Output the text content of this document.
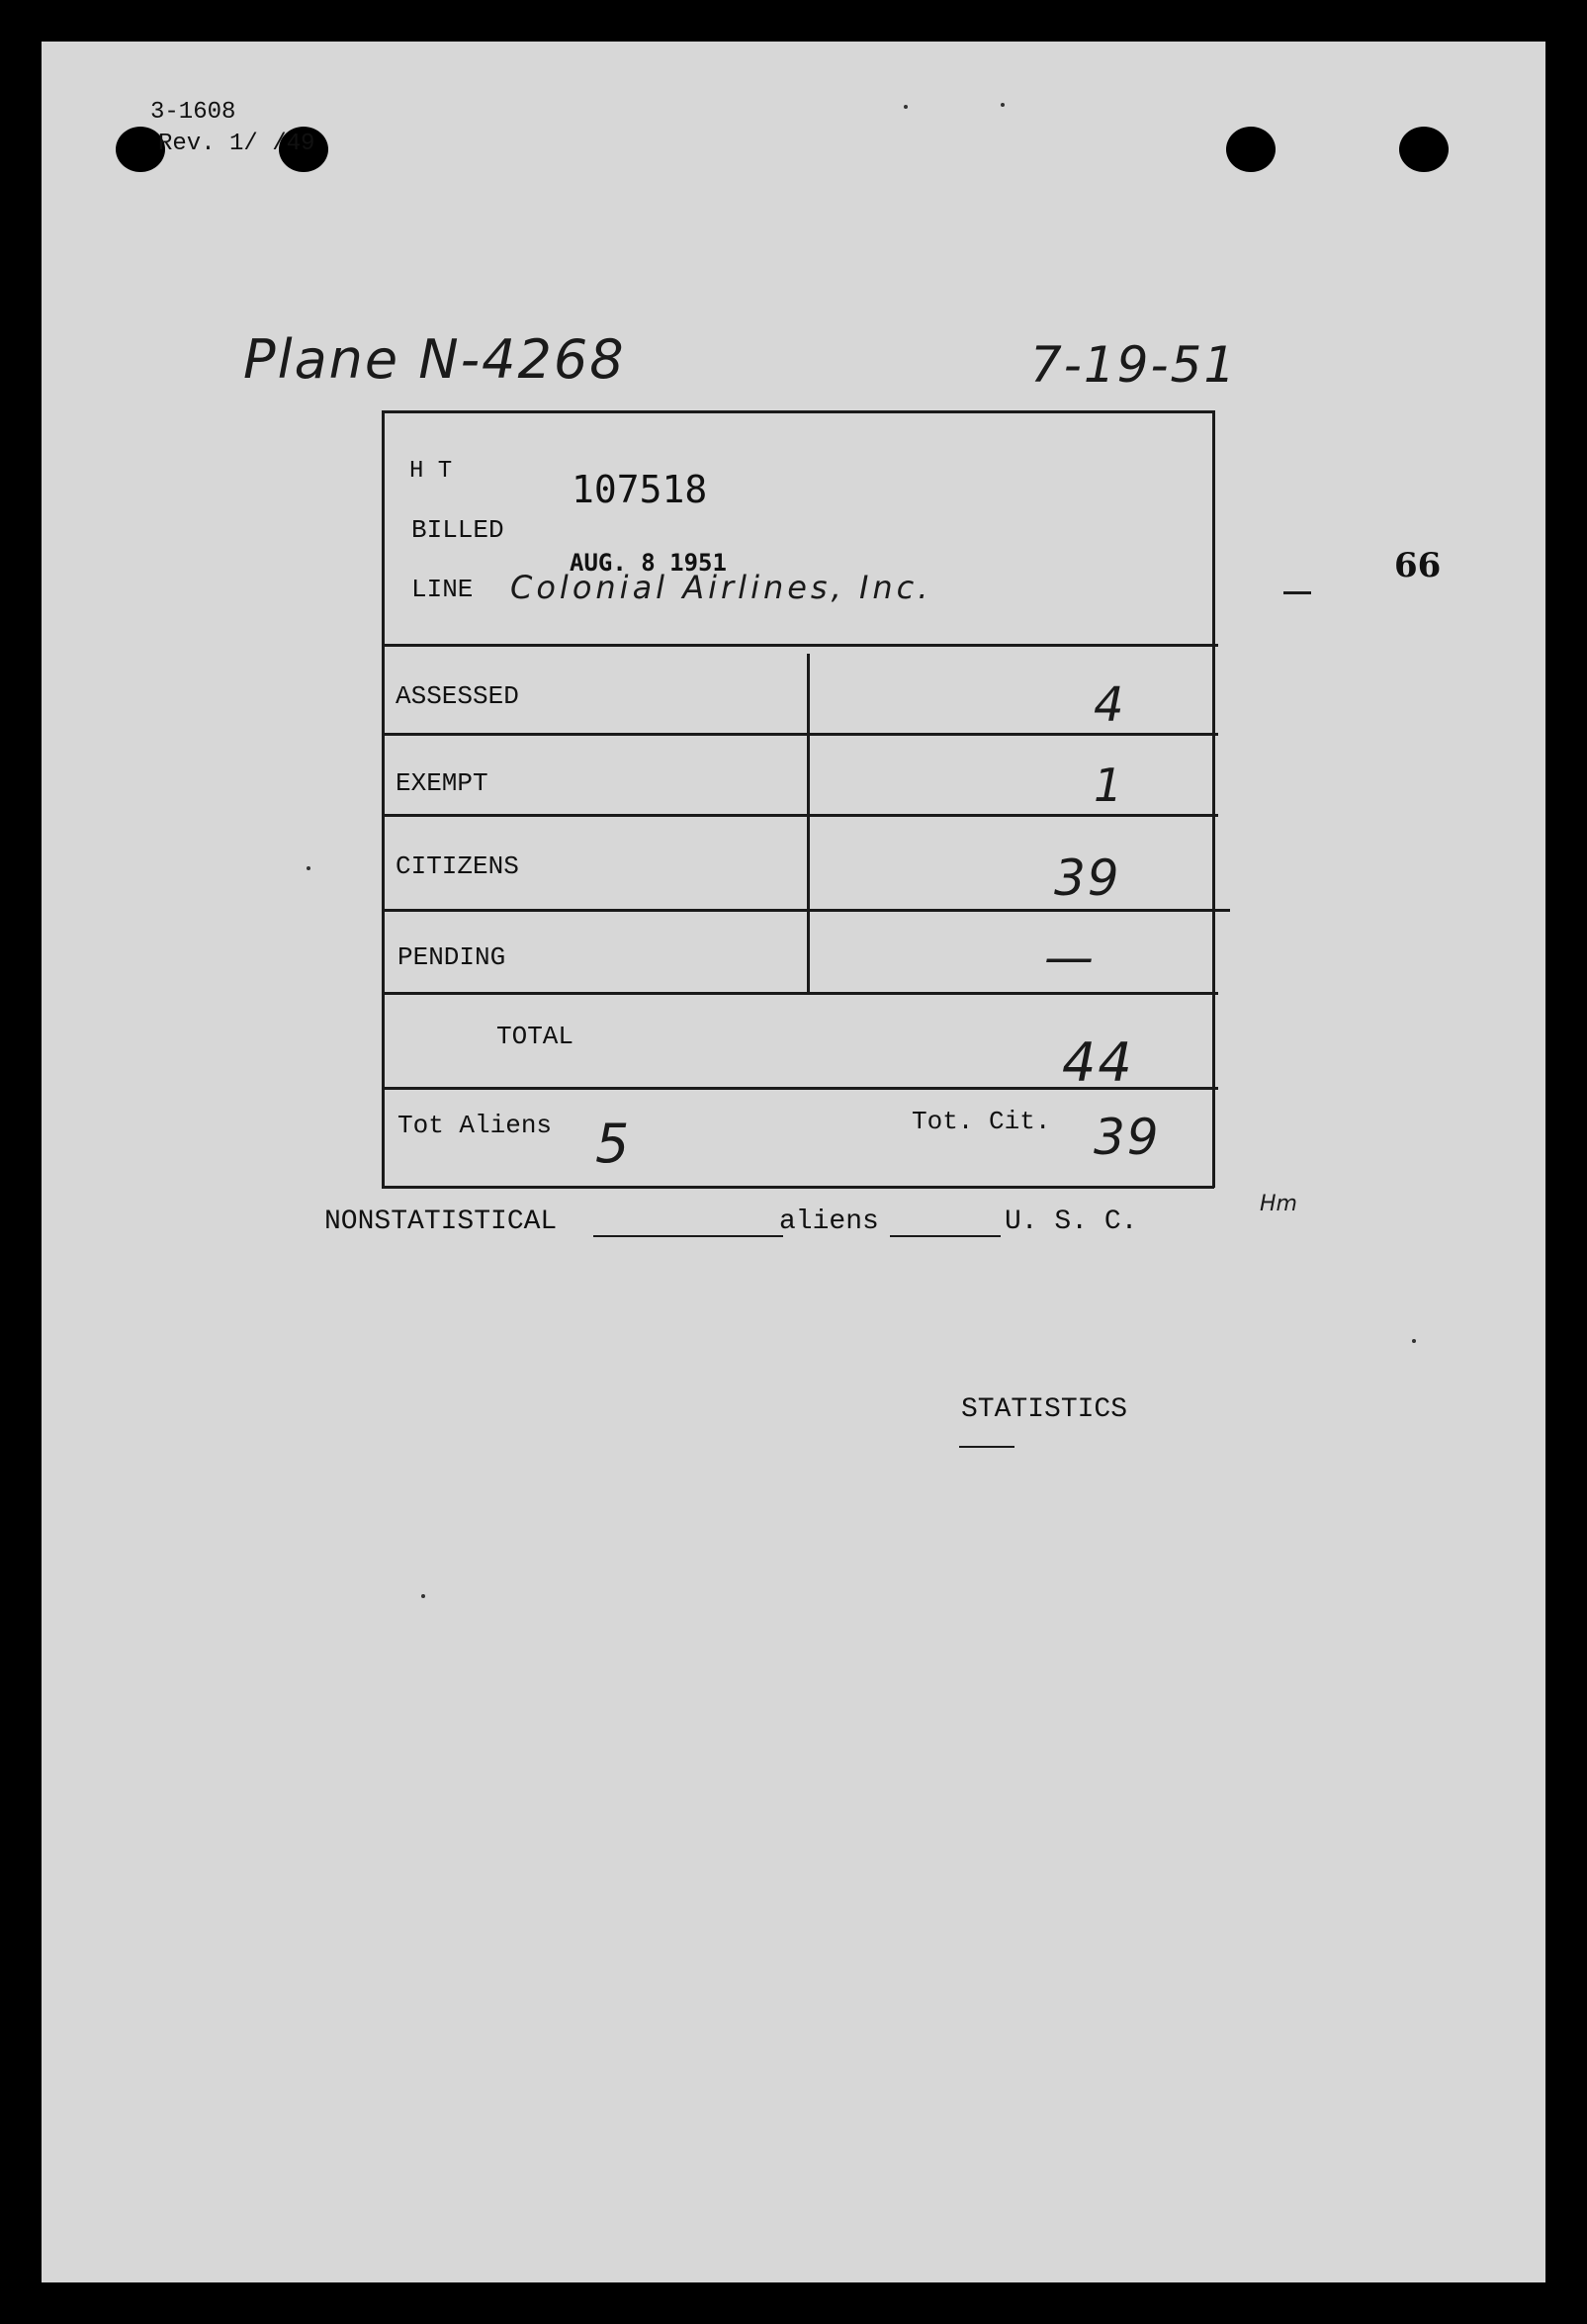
3-1608
Rev. 1/ /49
Plane N-4268	7-19-51
66
H T	107518
BILLED
AUG. 8 1951
LINE Colonial Airlines, Inc.
ASSESSED	4
EXEMPT	1
CITIZENS	39
PENDING	—
TOTAL	44
Tot Aliens 5	Tot. Cit. 39
Hm
NONSTATISTICAL	aliens	U. S. C.
STATISTICS
